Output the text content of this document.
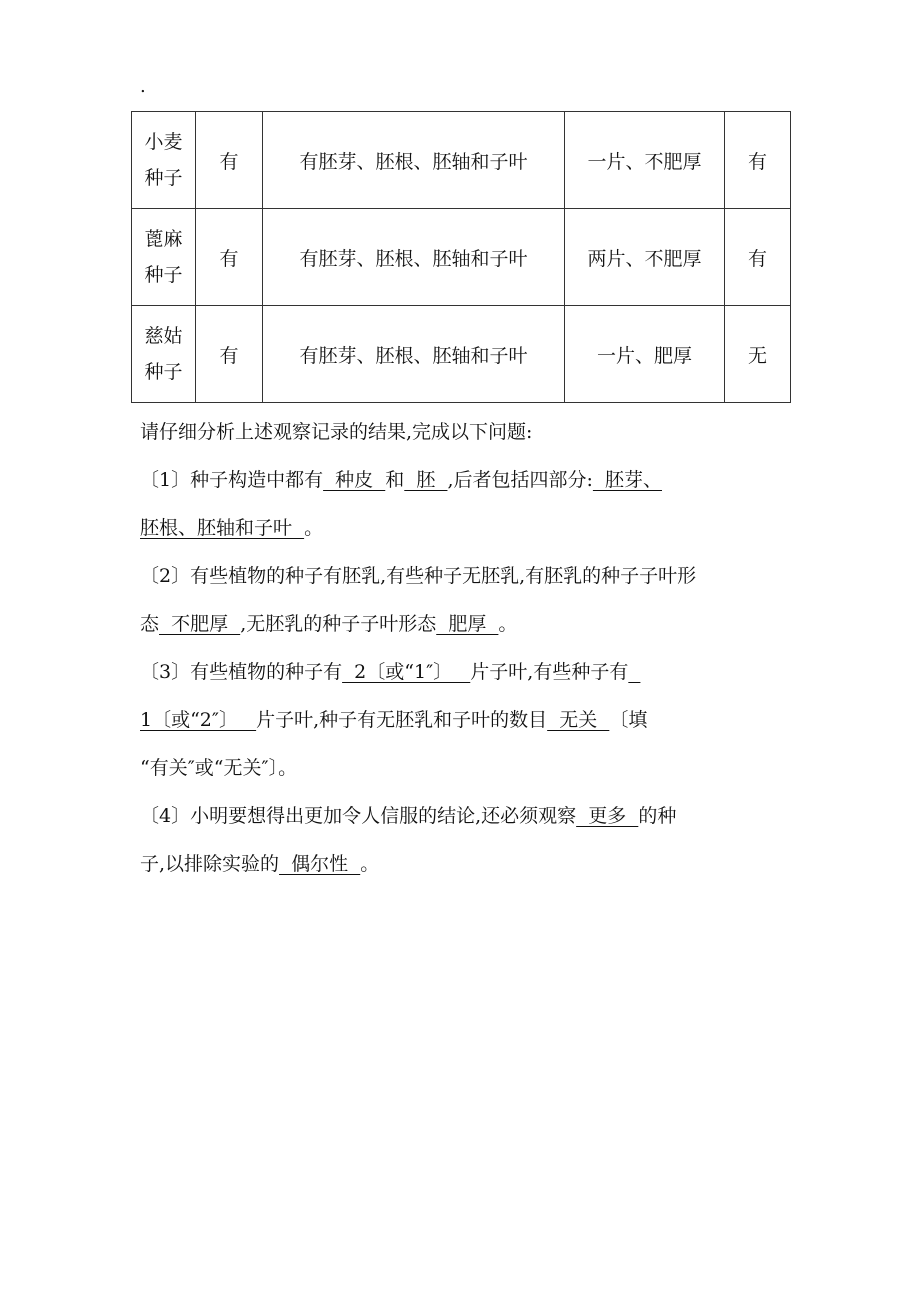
.
小麦
种子	有	有胚芽、胚根、胚轴和子叶	一片、不肥厚	有
蓖麻
种子	有	有胚芽、胚根、胚轴和子叶	两片、不肥厚	有
慈姑
种子	有	有胚芽、胚根、胚轴和子叶	一片、肥厚	无
请仔细分析上述观察记录的结果,完成以下问题:
〔1〕种子构造中都有  种皮  和  胚  ,后者包括四部分:  胚芽、
胚根、胚轴和子叶  。
〔2〕有些植物的种子有胚乳,有些种子无胚乳,有胚乳的种子子叶形
态  不肥厚  ,无胚乳的种子子叶形态  肥厚  。
〔3〕有些植物的种子有  2〔或“1″〕   片子叶,有些种子有
1〔或“2″〕   片子叶,种子有无胚乳和子叶的数目  无关  〔填
“有关″或“无关″〕。
〔4〕小明要想得出更加令人信服的结论,还必须观察  更多  的种
子,以排除实验的  偶尔性  。
